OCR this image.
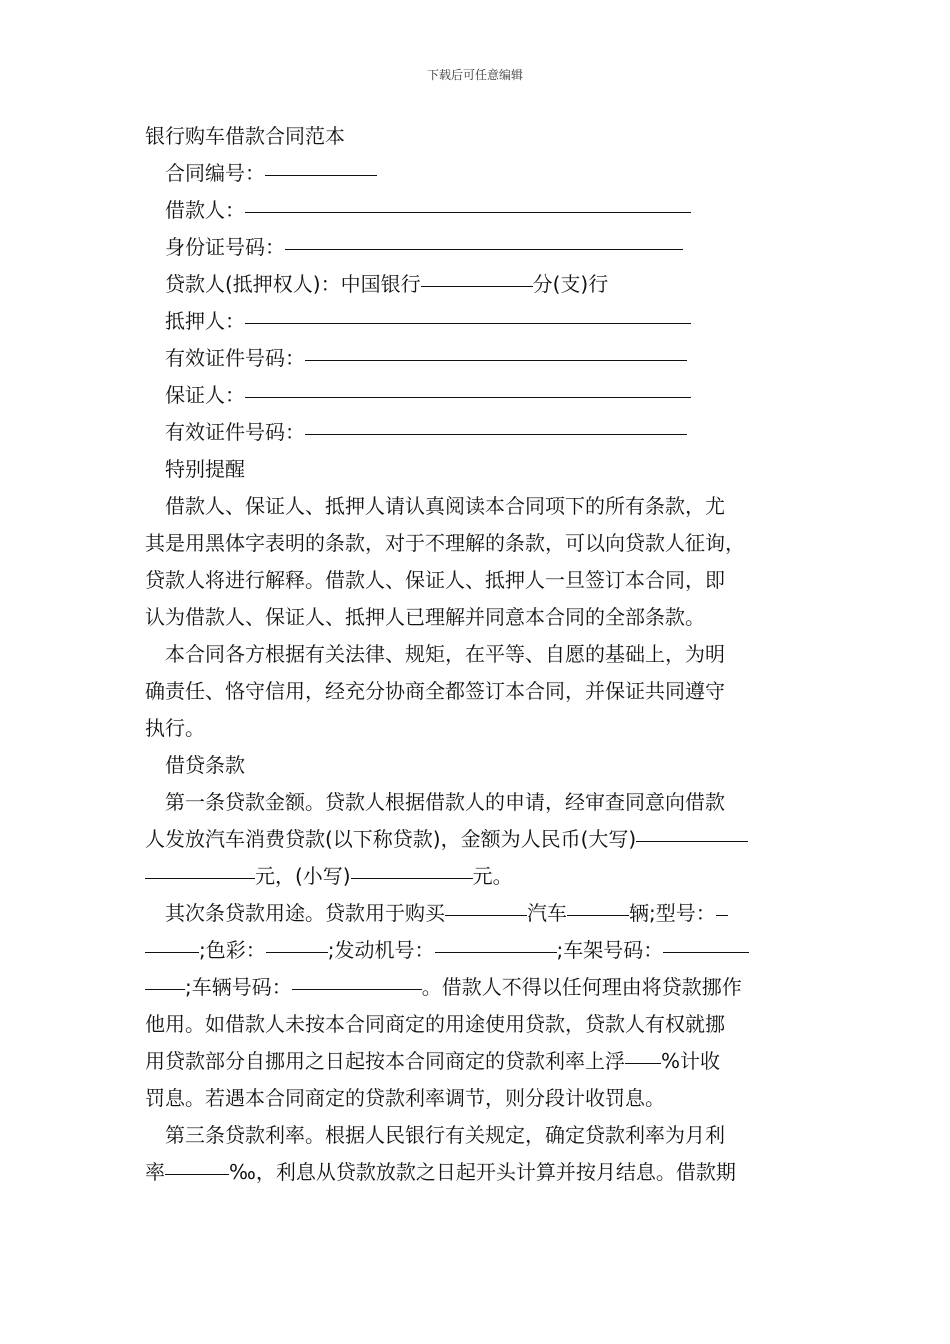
下载后可任意编辑
银行购车借款合同范本
合同编号：
借款人：
身份证号码：
贷款人(抵押权人)：中国银行	分(支)行
抵押人：
有效证件号码：
保证人：
有效证件号码：
特别提醒
借款人、保证人、抵押人请认真阅读本合同项下的所有条款，尤
其是用黑体字表明的条款，对于不理解的条款，可以向贷款人征询，
贷款人将进行解释。借款人、保证人、抵押人一旦签订本合同，即
认为借款人、保证人、抵押人已理解并同意本合同的全部条款。
本合同各方根据有关法律、规矩，在平等、自愿的基础上，为明
确责任、恪守信用，经充分协商全都签订本合同，并保证共同遵守
执行。
借贷条款
第一条贷款金额。贷款人根据借款人的申请，经审查同意向借款
人发放汽车消费贷款(以下称贷款)，金额为人民币(大写)
元，(小写)	元。
其次条贷款用途。贷款用于购买	汽车	辆;型号：
;色彩：	;发动机号：	;车架号码：
;车辆号码：	。借款人不得以任何理由将贷款挪作
他用。如借款人未按本合同商定的用途使用贷款，贷款人有权就挪
用贷款部分自挪用之日起按本合同商定的贷款利率上浮 %计收
罚息。若遇本合同商定的贷款利率调节，则分段计收罚息。
第三条贷款利率。根据人民银行有关规定，确定贷款利率为月利
率	‰，利息从贷款放款之日起开头计算并按月结息。借款期
